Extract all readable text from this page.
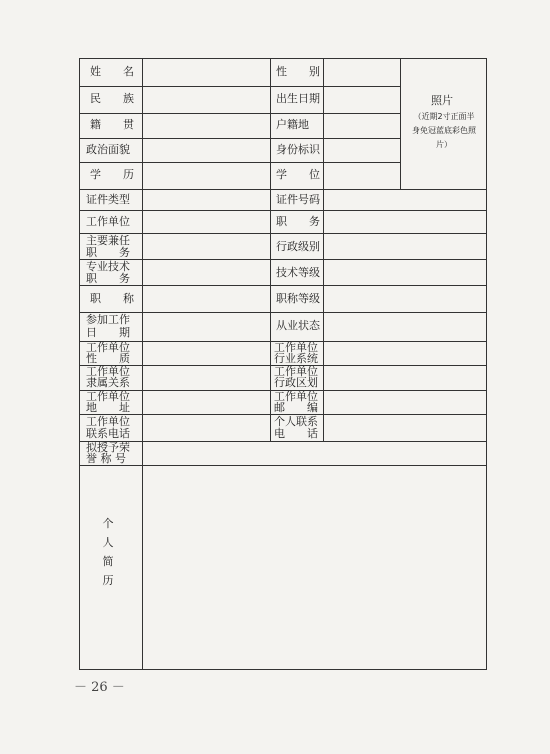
姓　　名
民　　族
籍　　贯
政治面貌
学　　历
证件类型
工作单位
主要兼任
职　　务
专业技术
职　　务
职　　称
参加工作
日　　期
工作单位
性　　质
工作单位
隶属关系
工作单位
地　　址
工作单位
联系电话
拟授予荣
誉 称 号
个人简历
性　　别
出生日期
户籍地
身份标识
学　　位
证件号码
职　　务
行政级别
技术等级
职称等级
从业状态
工作单位
行业系统
工作单位
行政区划
工作单位
邮　　编
个人联系
电　　话
照片
（近期2寸正面半
身免冠蓝底彩色照
片）
－ 26 －
